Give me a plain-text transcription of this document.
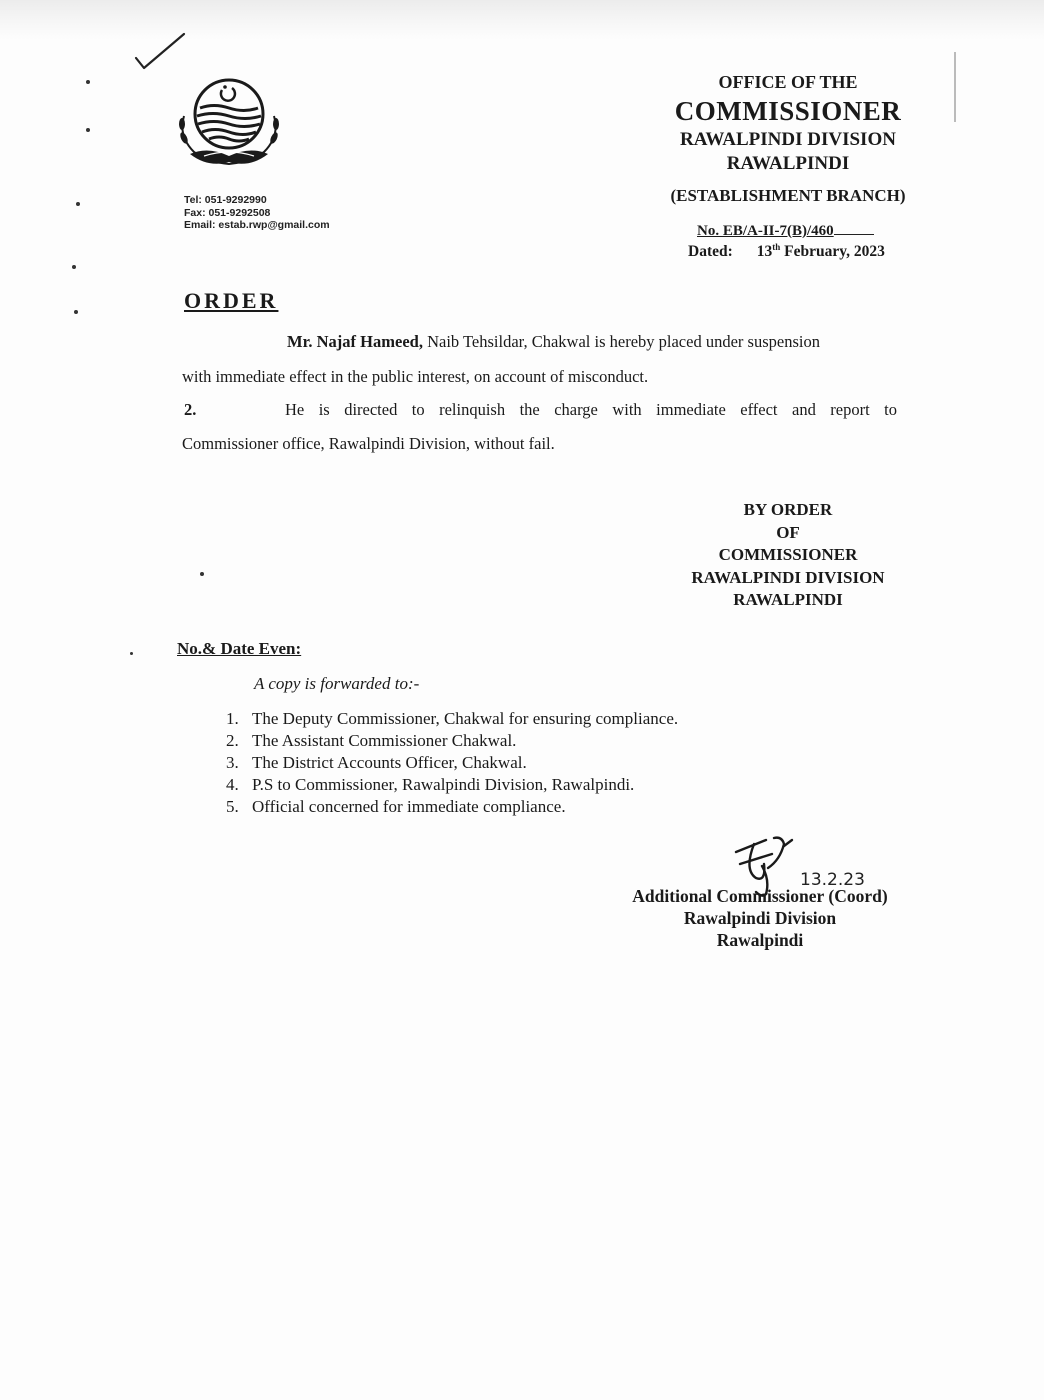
Tel: 051-9292990
Fax: 051-9292508
Email: estab.rwp@gmail.com
OFFICE OF THE
COMMISSIONER
RAWALPINDI DIVISION
RAWALPINDI
(ESTABLISHMENT BRANCH)
No. EB/A-II-7(B)/460
Dated: 13th February, 2023
ORDER
Mr. Najaf Hameed, Naib Tehsildar, Chakwal is hereby placed under suspension
with immediate effect in the public interest, on account of misconduct.
2.	He is directed to relinquish the charge with immediate effect and report to
Commissioner office, Rawalpindi Division, without fail.
BY ORDER
OF
COMMISSIONER
RAWALPINDI DIVISION
RAWALPINDI
No.& Date Even:
A copy is forwarded to:-
1. The Deputy Commissioner, Chakwal for ensuring compliance.
2. The Assistant Commissioner Chakwal.
3. The District Accounts Officer, Chakwal.
4. P.S to Commissioner, Rawalpindi Division, Rawalpindi.
5. Official concerned for immediate compliance.
13.2.23
Additional Commissioner (Coord)
Rawalpindi Division
Rawalpindi
